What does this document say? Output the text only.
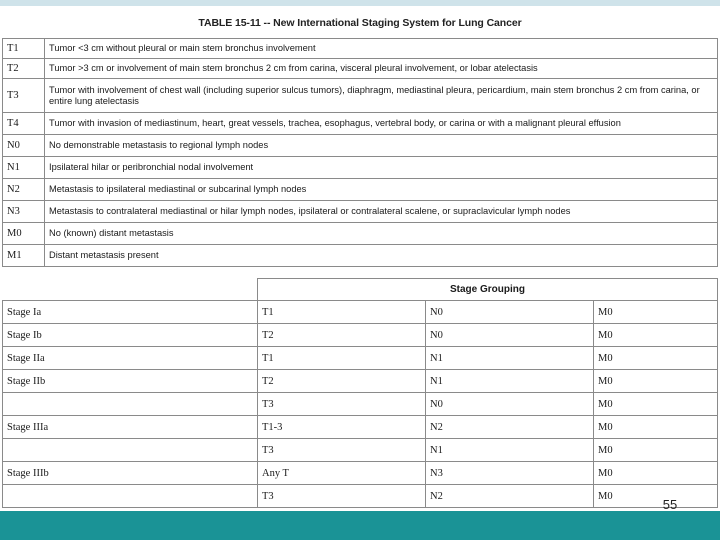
TABLE 15-11 -- New International Staging System for Lung Cancer
T1	Tumor <3 cm without pleural or main stem bronchus involvement
T2	Tumor >3 cm or involvement of main stem bronchus 2 cm from carina, visceral pleural involvement, or lobar atelectasis
T3	Tumor with involvement of chest wall (including superior sulcus tumors), diaphragm, mediastinal pleura, pericardium, main stem bronchus 2 cm from carina, or entire lung atelectasis
T4	Tumor with invasion of mediastinum, heart, great vessels, trachea, esophagus, vertebral body, or carina or with a malignant pleural effusion
N0	No demonstrable metastasis to regional lymph nodes
N1	Ipsilateral hilar or peribronchial nodal involvement
N2	Metastasis to ipsilateral mediastinal or subcarinal lymph nodes
N3	Metastasis to contralateral mediastinal or hilar lymph nodes, ipsilateral or contralateral scalene, or supraclavicular lymph nodes
M0	No (known) distant metastasis
M1	Distant metastasis present
	Stage Grouping		
Stage Ia	T1	N0	M0
Stage Ib	T2	N0	M0
Stage IIa	T1	N1	M0
Stage IIb	T2	N1	M0
	T3	N0	M0
Stage IIIa	T1-3	N2	M0
	T3	N1	M0
Stage IIIb	Any T	N3	M0
	T3	N2	M0
55
